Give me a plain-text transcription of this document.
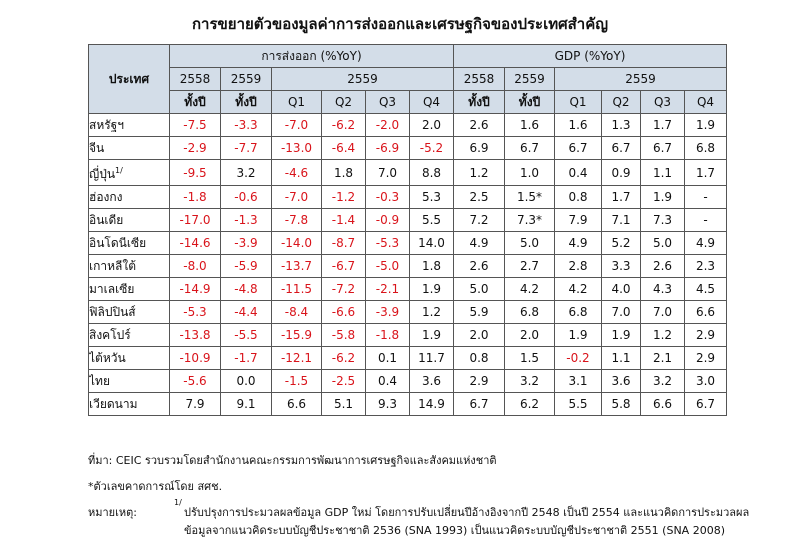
การขยายตัวของมูลค่าการส่งออกและเศรษฐกิจของประเทศสำคัญ
ประเทศ	การส่งออก (%YoY)						GDP (%YoY)					
	2558	2559	2559				2558	2559	2559			
	ทั้งปี	ทั้งปี	Q1	Q2	Q3	Q4	ทั้งปี	ทั้งปี	Q1	Q2	Q3	Q4
สหรัฐฯ	-7.5	-3.3	-7.0	-6.2	-2.0	2.0	2.6	1.6	1.6	1.3	1.7	1.9
จีน	-2.9	-7.7	-13.0	-6.4	-6.9	-5.2	6.9	6.7	6.7	6.7	6.7	6.8
ญี่ปุ่น$^{1/}$	-9.5	3.2	-4.6	1.8	7.0	8.8	1.2	1.0	0.4	0.9	1.1	1.7
ฮ่องกง	-1.8	-0.6	-7.0	-1.2	-0.3	5.3	2.5	1.5*	0.8	1.7	1.9	-
อินเดีย	-17.0	-1.3	-7.8	-1.4	-0.9	5.5	7.2	7.3*	7.9	7.1	7.3	-
อินโดนีเซีย	-14.6	-3.9	-14.0	-8.7	-5.3	14.0	4.9	5.0	4.9	5.2	5.0	4.9
เกาหลีใต้	-8.0	-5.9	-13.7	-6.7	-5.0	1.8	2.6	2.7	2.8	3.3	2.6	2.3
มาเลเซีย	-14.9	-4.8	-11.5	-7.2	-2.1	1.9	5.0	4.2	4.2	4.0	4.3	4.5
ฟิลิปปินส์	-5.3	-4.4	-8.4	-6.6	-3.9	1.2	5.9	6.8	6.8	7.0	7.0	6.6
สิงคโปร์	-13.8	-5.5	-15.9	-5.8	-1.8	1.9	2.0	2.0	1.9	1.9	1.2	2.9
ไต้หวัน	-10.9	-1.7	-12.1	-6.2	0.1	11.7	0.8	1.5	-0.2	1.1	2.1	2.9
ไทย	-5.6	0.0	-1.5	-2.5	0.4	3.6	2.9	3.2	3.1	3.6	3.2	3.0
เวียดนาม	7.9	9.1	6.6	5.1	9.3	14.9	6.7	6.2	5.5	5.8	6.6	6.7
ที่มา: CEIC รวบรวมโดยสำนักงานคณะกรรมการพัฒนาการเศรษฐกิจและสังคมแห่งชาติ
*ตัวเลขคาดการณ์โดย สศช.
หมายเหตุ:
1/
ปรับปรุงการประมวลผลข้อมูล GDP ใหม่ โดยการปรับเปลี่ยนปีอ้างอิงจากปี 2548 เป็นปี 2554 และแนวคิดการประมวลผล
ข้อมูลจากแนวคิดระบบบัญชีประชาชาติ 2536 (SNA 1993) เป็นแนวคิดระบบบัญชีประชาชาติ 2551 (SNA 2008)
